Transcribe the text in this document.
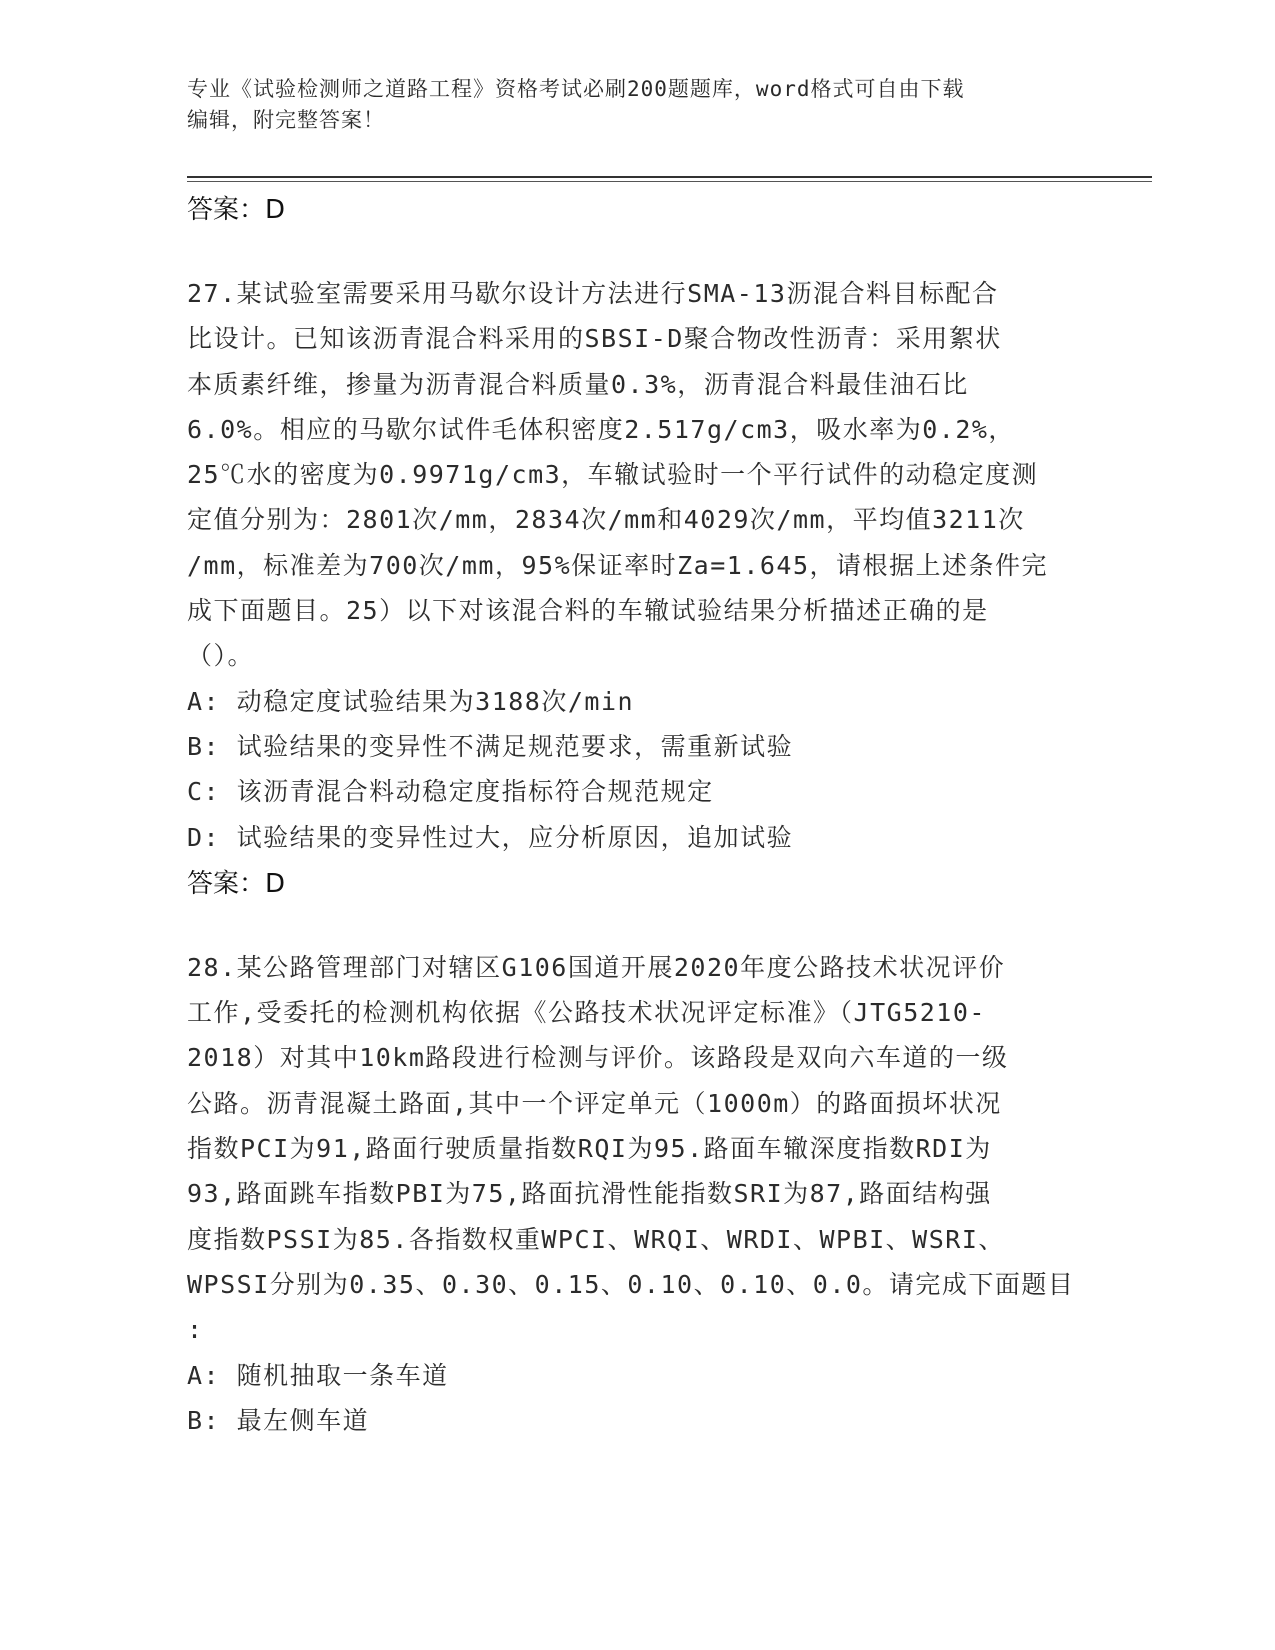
专业《试验检测师之道路工程》资格考试必刷200题题库，word格式可自由下载
编辑，附完整答案！

答案：D

27.某试验室需要采用马歇尔设计方法进行SMA-13沥混合料目标配合

比设计。已知该沥青混合料采用的SBSI-D聚合物改性沥青：采用絮状

本质素纤维，掺量为沥青混合料质量0.3%，沥青混合料最佳油石比

6.0%。相应的马歇尔试件毛体积密度2.517g/cm3，吸水率为0.2%，

25℃水的密度为0.9971g/cm3，车辙试验时一个平行试件的动稳定度测

定值分别为：2801次/mm，2834次/mm和4029次/mm，平均值3211次

/mm，标准差为700次/mm，95%保证率时Za=1.645，请根据上述条件完

成下面题目。25）以下对该混合料的车辙试验结果分析描述正确的是

（）。

A: 动稳定度试验结果为3188次/min

B: 试验结果的变异性不满足规范要求，需重新试验

C: 该沥青混合料动稳定度指标符合规范规定

D: 试验结果的变异性过大，应分析原因，追加试验

答案：D

28.某公路管理部门对辖区G106国道开展2020年度公路技术状况评价

工作,受委托的检测机构依据《公路技术状况评定标准》（JTG5210-

2018）对其中10km路段进行检测与评价。该路段是双向六车道的一级

公路。沥青混凝土路面,其中一个评定单元（1000m）的路面损坏状况

指数PCI为91,路面行驶质量指数RQI为95.路面车辙深度指数RDI为

93,路面跳车指数PBI为75,路面抗滑性能指数SRI为87,路面结构强

度指数PSSI为85.各指数权重WPCI、WRQI、WRDI、WPBI、WSRI、

WPSSI分别为0.35、0.30、0.15、0.10、0.10、0.0。请完成下面题目

:

A: 随机抽取一条车道

B: 最左侧车道
